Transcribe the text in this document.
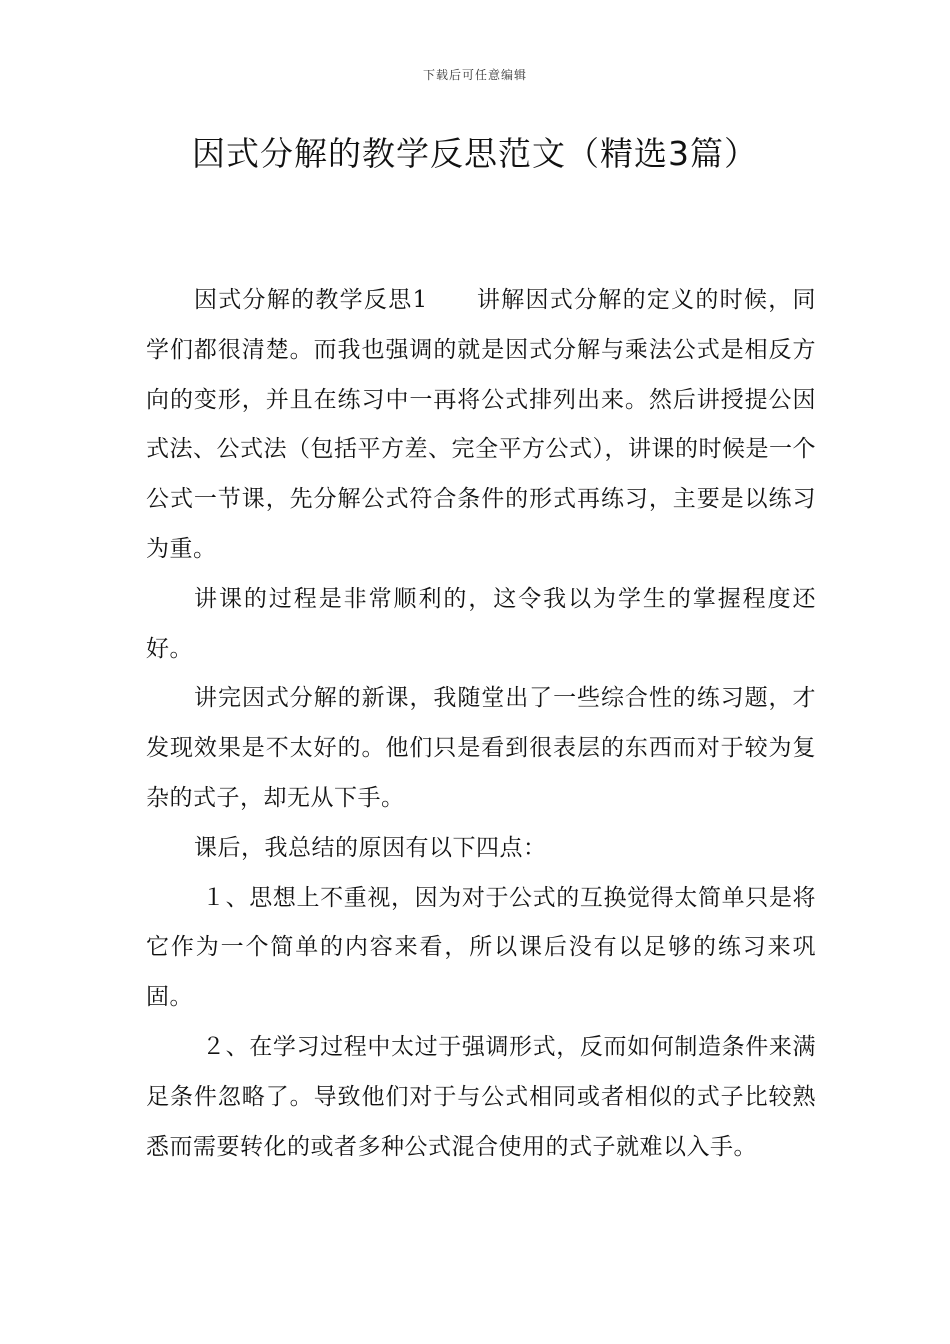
下载后可任意编辑
因式分解的教学反思范文（精选3篇）

因式分解的教学反思1　　讲解因式分解的定义的时候，同学们都很清楚。而我也强调的就是因式分解与乘法公式是相反方向的变形，并且在练习中一再将公式排列出来。然后讲授提公因式法、公式法（包括平方差、完全平方公式），讲课的时候是一个公式一节课，先分解公式符合条件的形式再练习，主要是以练习为重。

讲课的过程是非常顺利的，这令我以为学生的掌握程度还好。

讲完因式分解的新课，我随堂出了一些综合性的练习题，才发现效果是不太好的。他们只是看到很表层的东西而对于较为复杂的式子，却无从下手。

课后，我总结的原因有以下四点：

１、思想上不重视，因为对于公式的互换觉得太简单只是将它作为一个简单的内容来看，所以课后没有以足够的练习来巩固。

２、在学习过程中太过于强调形式，反而如何制造条件来满足条件忽略了。导致他们对于与公式相同或者相似的式子比较熟悉而需要转化的或者多种公式混合使用的式子就难以入手。
